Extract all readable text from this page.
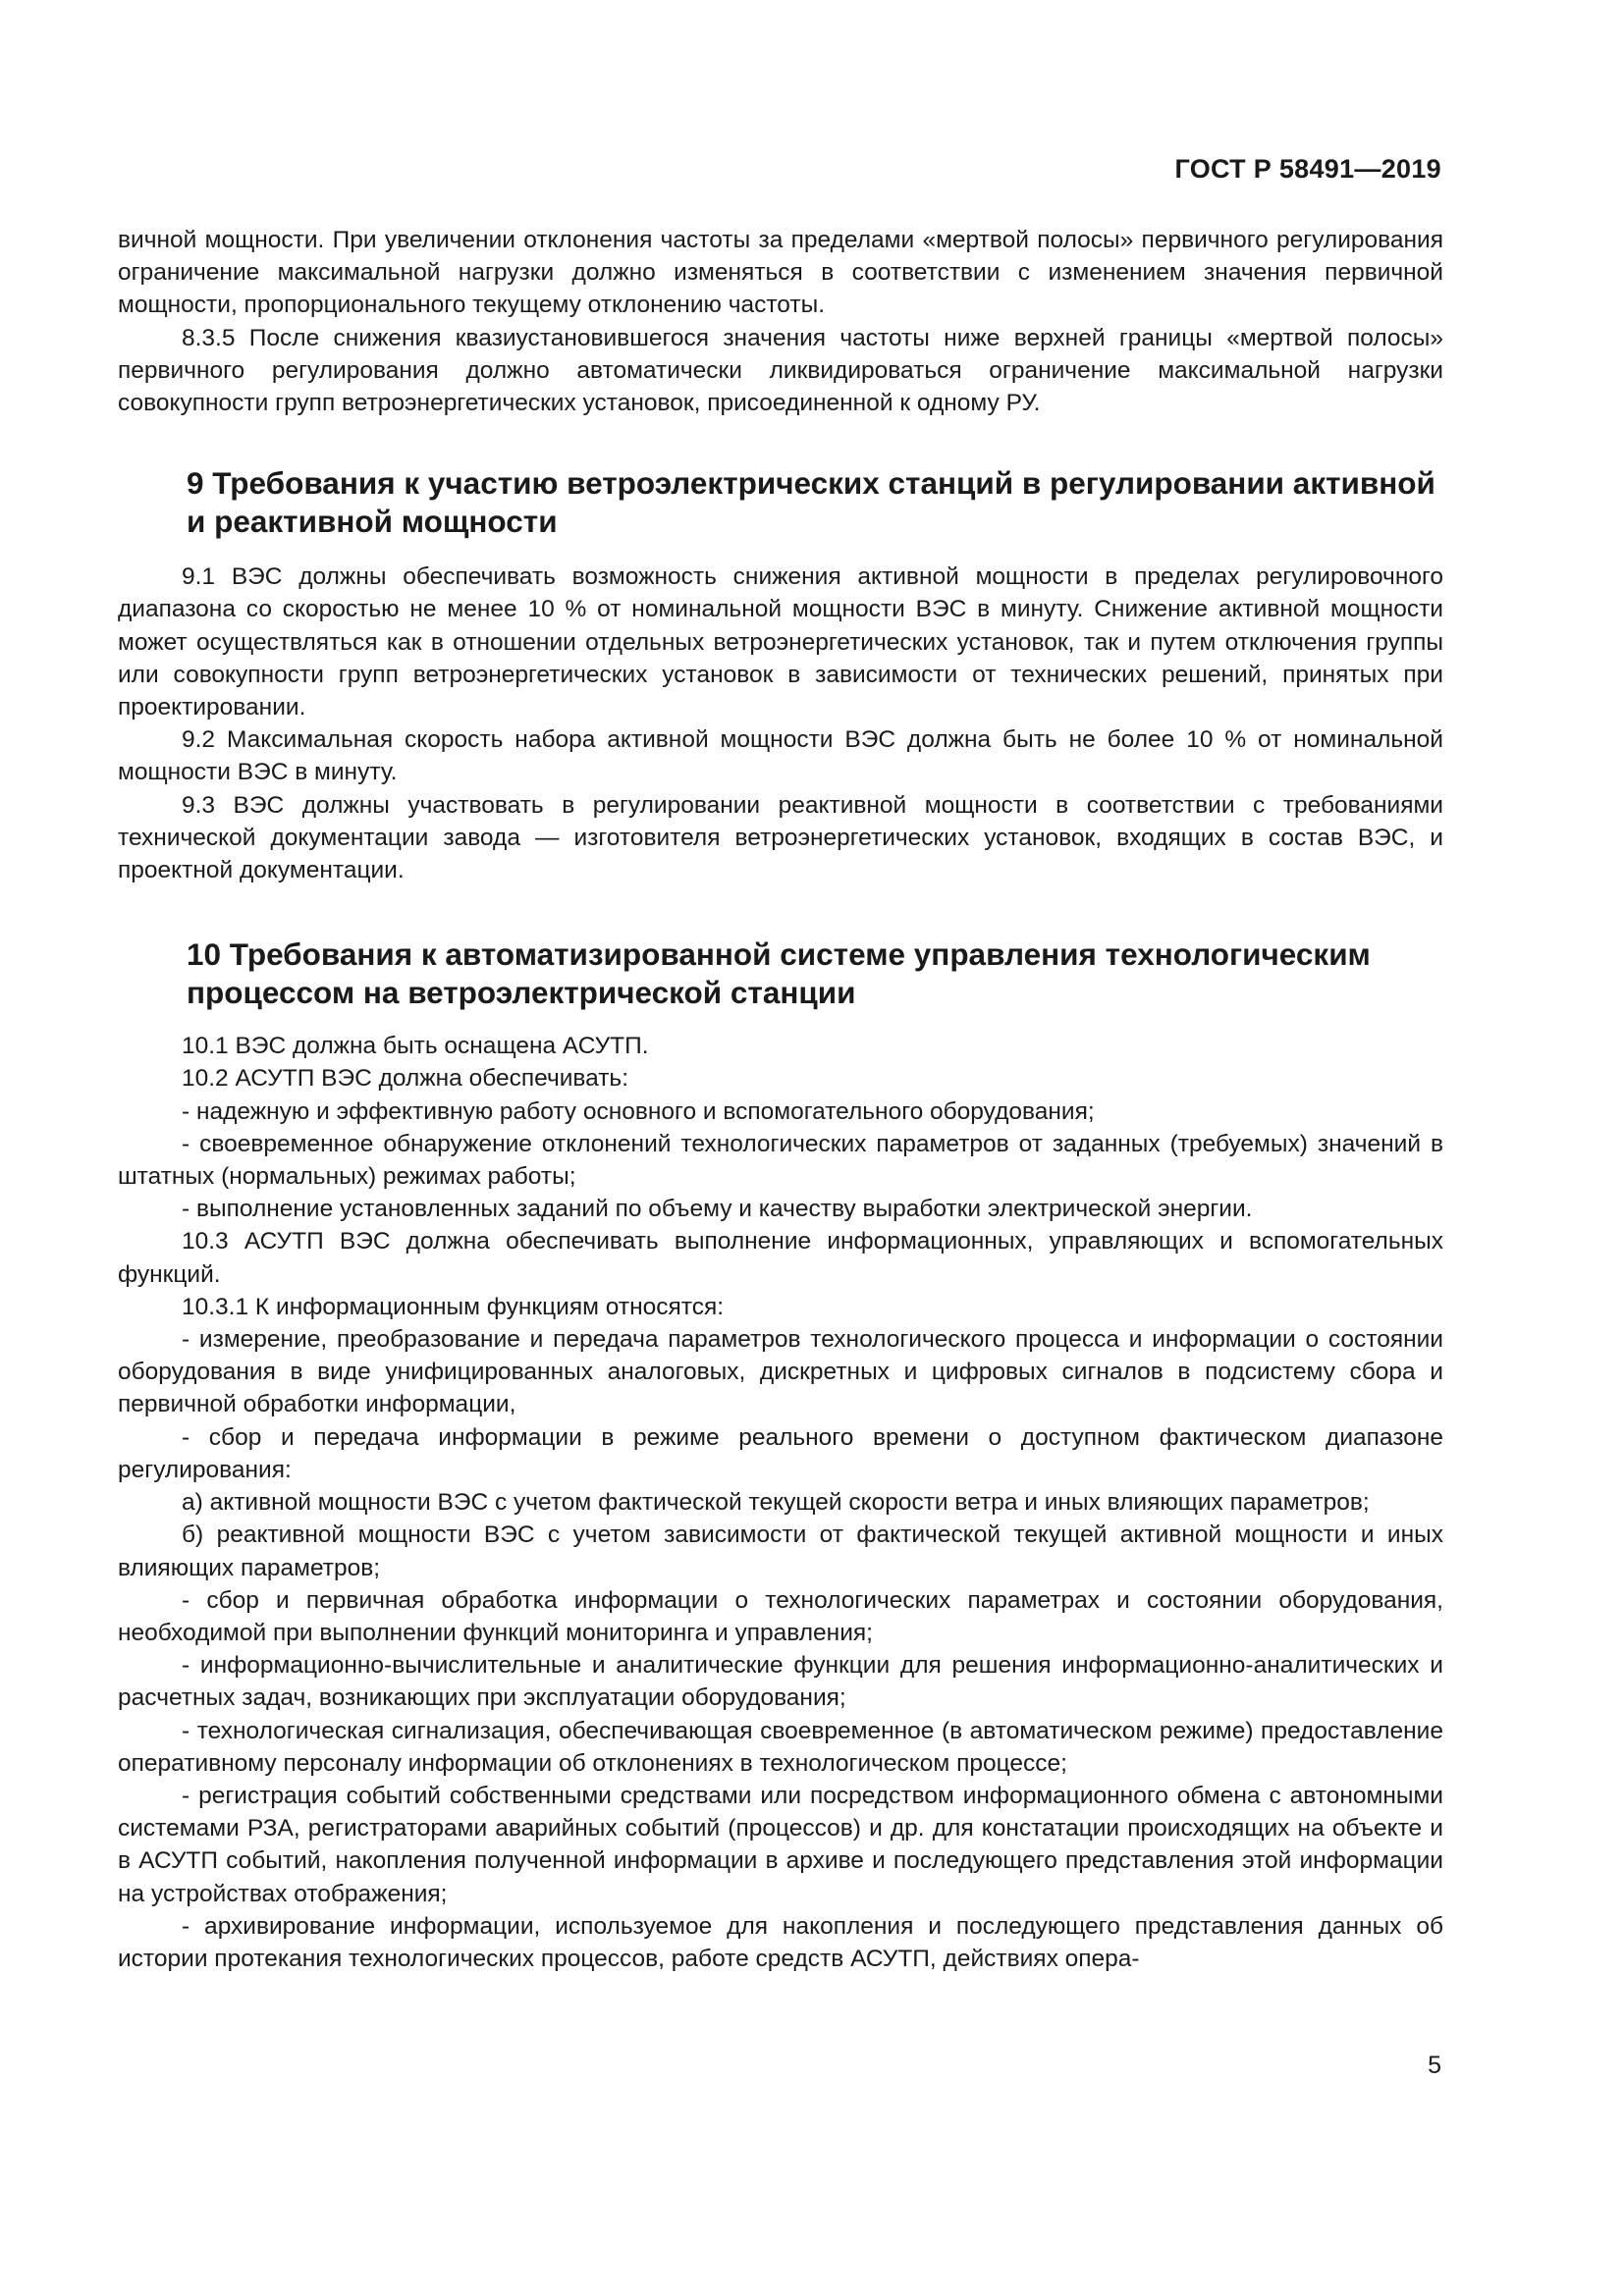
ГОСТ Р 58491—2019

вичной мощности. При увеличении отклонения частоты за пределами «мертвой полосы» первичного регулирования ограничение максимальной нагрузки должно изменяться в соответствии с изменением значения первичной мощности, пропорционального текущему отклонению частоты.

8.3.5 После снижения квазиустановившегося значения частоты ниже верхней границы «мертвой полосы» первичного регулирования должно автоматически ликвидироваться ограничение максимальной нагрузки совокупности групп ветроэнергетических установок, присоединенной к одному РУ.

9 Требования к участию ветроэлектрических станций в регулировании активной и реактивной мощности

9.1 ВЭС должны обеспечивать возможность снижения активной мощности в пределах регулировочного диапазона со скоростью не менее 10 % от номинальной мощности ВЭС в минуту. Снижение активной мощности может осуществляться как в отношении отдельных ветроэнергетических установок, так и путем отключения группы или совокупности групп ветроэнергетических установок в зависимости от технических решений, принятых при проектировании.

9.2 Максимальная скорость набора активной мощности ВЭС должна быть не более 10 % от номинальной мощности ВЭС в минуту.

9.3 ВЭС должны участвовать в регулировании реактивной мощности в соответствии с требованиями технической документации завода — изготовителя ветроэнергетических установок, входящих в состав ВЭС, и проектной документации.

10 Требования к автоматизированной системе управления технологическим процессом на ветроэлектрической станции

10.1 ВЭС должна быть оснащена АСУТП.

10.2 АСУТП ВЭС должна обеспечивать:

- надежную и эффективную работу основного и вспомогательного оборудования;

- своевременное обнаружение отклонений технологических параметров от заданных (требуемых) значений в штатных (нормальных) режимах работы;

- выполнение установленных заданий по объему и качеству выработки электрической энергии.

10.3 АСУТП ВЭС должна обеспечивать выполнение информационных, управляющих и вспомогательных функций.

10.3.1 К информационным функциям относятся:

- измерение, преобразование и передача параметров технологического процесса и информации о состоянии оборудования в виде унифицированных аналоговых, дискретных и цифровых сигналов в подсистему сбора и первичной обработки информации,

- сбор и передача информации в режиме реального времени о доступном фактическом диапазоне регулирования:

а) активной мощности ВЭС с учетом фактической текущей скорости ветра и иных влияющих параметров;

б) реактивной мощности ВЭС с учетом зависимости от фактической текущей активной мощности и иных влияющих параметров;

- сбор и первичная обработка информации о технологических параметрах и состоянии оборудования, необходимой при выполнении функций мониторинга и управления;

- информационно-вычислительные и аналитические функции для решения информационно-аналитических и расчетных задач, возникающих при эксплуатации оборудования;

- технологическая сигнализация, обеспечивающая своевременное (в автоматическом режиме) предоставление оперативному персоналу информации об отклонениях в технологическом процессе;

- регистрация событий собственными средствами или посредством информационного обмена с автономными системами РЗА, регистраторами аварийных событий (процессов) и др. для констатации происходящих на объекте и в АСУТП событий, накопления полученной информации в архиве и последующего представления этой информации на устройствах отображения;

- архивирование информации, используемое для накопления и последующего представления данных об истории протекания технологических процессов, работе средств АСУТП, действиях опера-

5
